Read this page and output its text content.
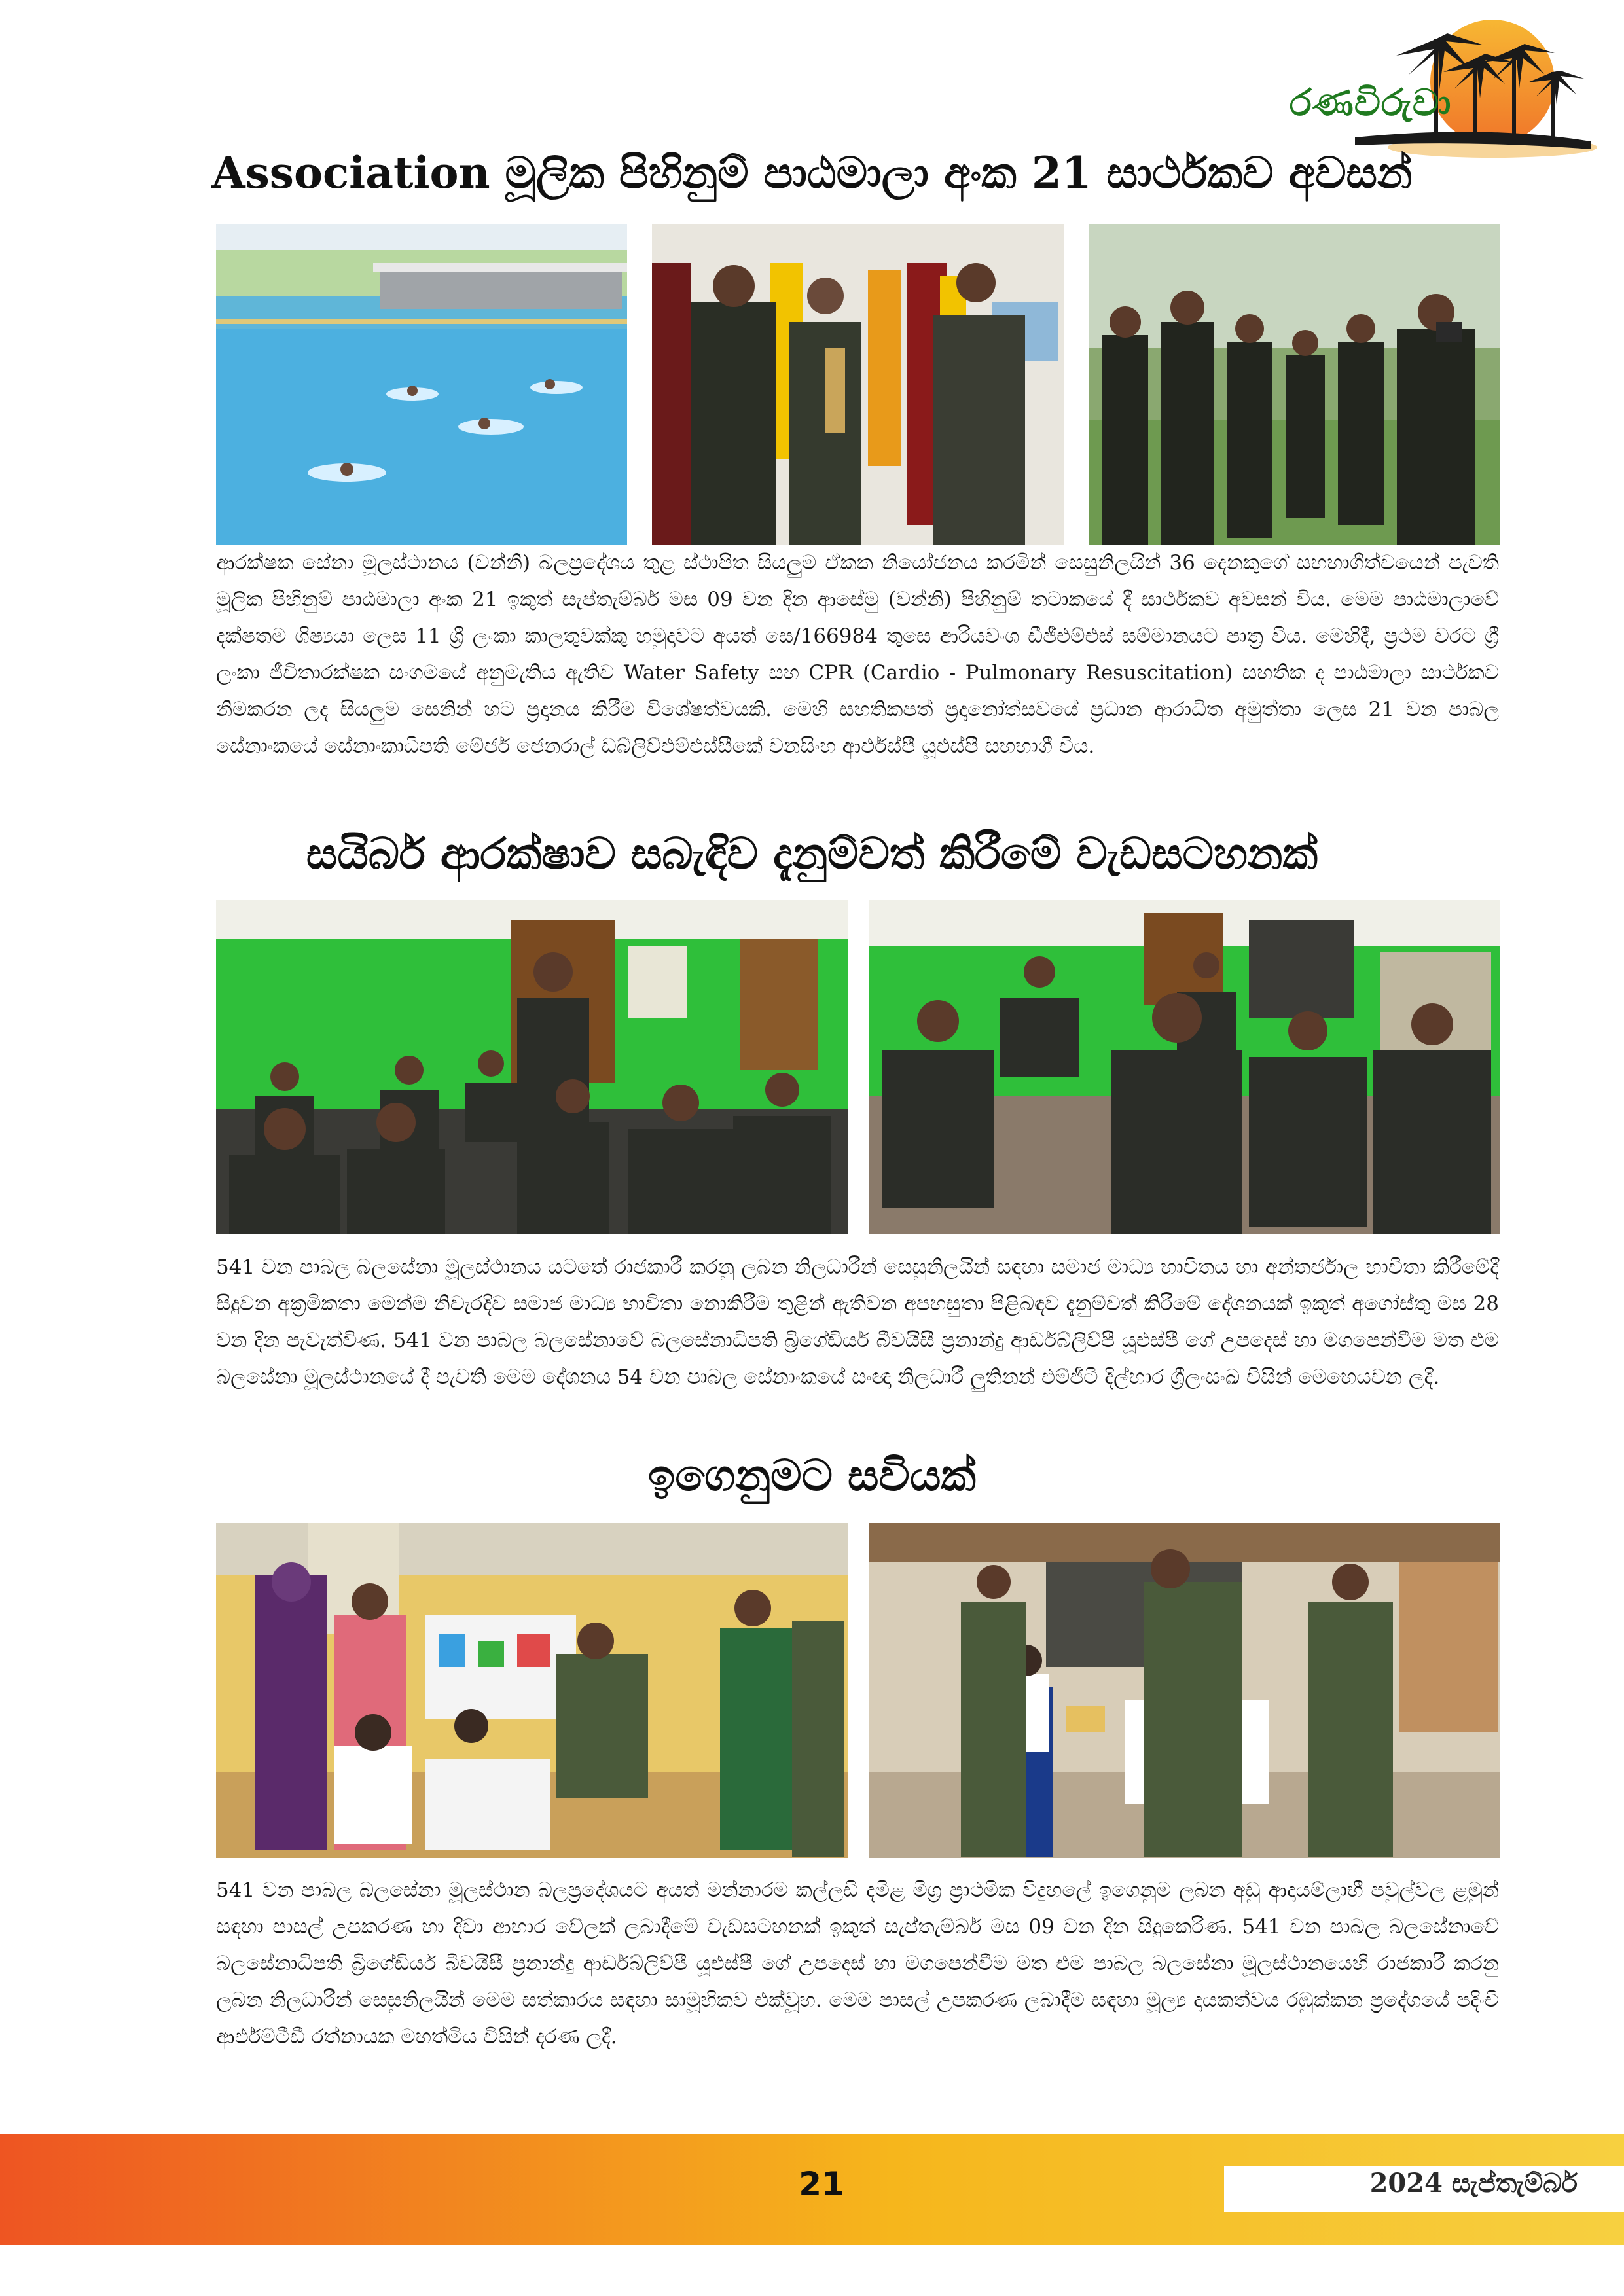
රණවිරුවා
Association මූලික පිහිනුම් පාඨමාලා අංක 21 සාර්ථකව අවසන්
ආරක්ෂක සේනා මූලස්ථානය (වන්නි) බලප්‍රදේශය තුළ ස්ථාපිත සියලුම ඒකක නියෝජනය කරමින් සෙසුනිලයින් 36 දෙනකුගේ සහභාගීත්වයෙන් පැවති මූලික පිහිනුම් පාඨමාලා අංක 21 ඉකුත් සැප්තැම්බර් මස 09 වන දින ආසේමු (වන්නි) පිහිනුම් තටාකයේ දී සාර්ථකව අවසන් විය. මෙම පාඨමාලාවේ දක්ෂතම ශිෂ්‍යයා ලෙස 11 ශ්‍රී ලංකා කාලතුවක්කු හමුදාවට අයත් සෙ/166984 තුසෙ ආරියවංශ ඩීජීඑම්එස් සම්මානයට පාත්‍ර විය. මෙහිදී, ප්‍රථම වරට ශ්‍රී ලංකා ජීවිතාරක්ෂක සංගමයේ අනුමැතිය ඇතිව Water Safety සහ CPR (Cardio - Pulmonary Resuscitation) සහතික ද පාඨමාලා සාර්ථකව නිමකරන ලද සියලුම සෙනින් හට ප්‍රදානය කිරීම විශේෂත්වයකි. මෙහි සහතිකපත් ප්‍රදානෝත්සවයේ ප්‍රධාන ආරාධිත අමුත්තා ලෙස 21 වන පාබල සේනාංකයේ සේනාංකාධිපති මේජර් ජෙනරාල් ඩබ්ලිව්එම්එස්සීකේ වනසිංහ ආර්එස්පී යූඑස්පී සහභාගී විය.
සයිබර් ආරක්ෂාව සබැඳිව දැනුම්වත් කිරීමේ වැඩසටහනක්
541 වන පාබල බලසේනා මූලස්ථානය යටතේ රාජකාරී කරනු ලබන නිලධාරීන් සෙසුනිලයින් සඳහා සමාජ මාධ්‍ය භාවිතය හා අන්තර්ජාල භාවිතා කිරීමේදී සිදුවන අක්‍රමිකතා මෙන්ම නිවැරදිව සමාජ මාධ්‍ය භාවිතා නොකිරීම තුළින් ඇතිවන අපහසුතා පිළිබඳව දැනුම්වත් කිරීමේ දේශනයක් ඉකුත් අගෝස්තු මස 28 වන දින පැවැත්විණ. 541 වන පාබල බලසේනාවේ බලසේනාධිපති බ්‍රිගේඩියර් බීවයිසී ප්‍රනාන්දු ආර්ඩබ්ලිව්පී යූඑස්පී ගේ උපදෙස් හා මගපෙන්වීම මත එම බලසේනා මූලස්ථානයේ දී පැවති මෙම දේශනය 54 වන පාබල සේනාංකයේ සංඥා නිලධාරී ලුතිනන් එම්ජීටී දිල්හාර ශ්‍රීලංසංඛ විසින් මෙහෙයවන ලදී.
ඉගෙනුමට සවියක්
541 වන පාබල බලසේනා මූලස්ථාන බලප්‍රදේශයට අයත් මන්නාරම කල්ලඩි දමිළ මිශ්‍ර ප්‍රාථමික විදුහලේ ඉගෙනුම ලබන අඩු ආදායම්ලාභී පවුල්වල ළමුන් සඳහා පාසල් උපකරණ හා දිවා ආහාර වේලක් ලබාදීමේ වැඩසටහනක් ඉකුත් සැප්තැම්බර් මස 09 වන දින සිදුකෙරිණ. 541 වන පාබල බලසේනාවේ බලසේනාධිපති බ්‍රිගේඩියර් බීවයිසී ප්‍රනාන්දු ආර්ඩබ්ලිව්පී යූඑස්පී ගේ උපදෙස් හා මගපෙන්වීම මත එම පාබල බලසේනා මූලස්ථානයෙහි රාජකාරී කරනු ලබන නිලධාරීන් සෙසුනිලයින් මෙම සත්කාරය සඳහා සාමූහිකව එක්වූහ. මෙම පාසල් උපකරණ ලබාදීම සඳහා මූල්‍ය දායකත්වය රඹුක්කන ප්‍රදේශයේ පදිංචි ආර්එම්ටීඩී රත්නායක මහත්මිය විසින් දරණ ලදී.
21	2024 සැප්තැම්බර්
